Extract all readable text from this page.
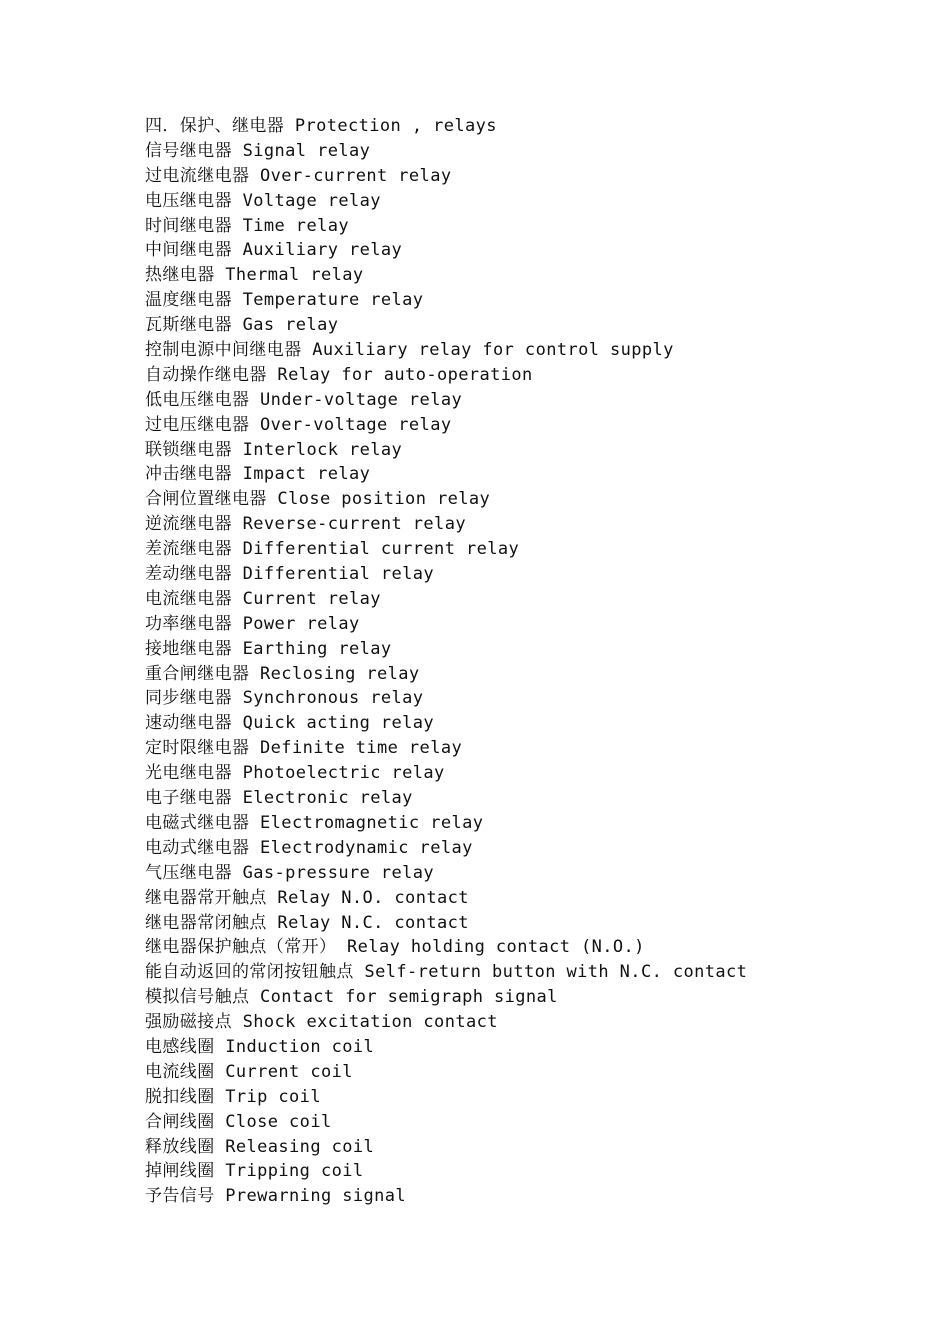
四．保护、继电器 Protection , relays
信号继电器 Signal relay
过电流继电器 Over-current relay
电压继电器 Voltage relay
时间继电器 Time relay
中间继电器 Auxiliary relay
热继电器 Thermal relay
温度继电器 Temperature relay
瓦斯继电器 Gas relay
控制电源中间继电器 Auxiliary relay for control supply
自动操作继电器 Relay for auto-operation
低电压继电器 Under-voltage relay
过电压继电器 Over-voltage relay
联锁继电器 Interlock relay
冲击继电器 Impact relay
合闸位置继电器 Close position relay
逆流继电器 Reverse-current relay
差流继电器 Differential current relay
差动继电器 Differential relay
电流继电器 Current relay
功率继电器 Power relay
接地继电器 Earthing relay
重合闸继电器 Reclosing relay
同步继电器 Synchronous relay
速动继电器 Quick acting relay
定时限继电器 Definite time relay
光电继电器 Photoelectric relay
电子继电器 Electronic relay
电磁式继电器 Electromagnetic relay
电动式继电器 Electrodynamic relay
气压继电器 Gas-pressure relay
继电器常开触点 Relay N.O. contact
继电器常闭触点 Relay N.C. contact
继电器保护触点（常开） Relay holding contact (N.O.)
能自动返回的常闭按钮触点 Self-return button with N.C. contact
模拟信号触点 Contact for semigraph signal
强励磁接点 Shock excitation contact
电感线圈 Induction coil
电流线圈 Current coil
脱扣线圈 Trip coil
合闸线圈 Close coil
释放线圈 Releasing coil
掉闸线圈 Tripping coil
予告信号 Prewarning signal
